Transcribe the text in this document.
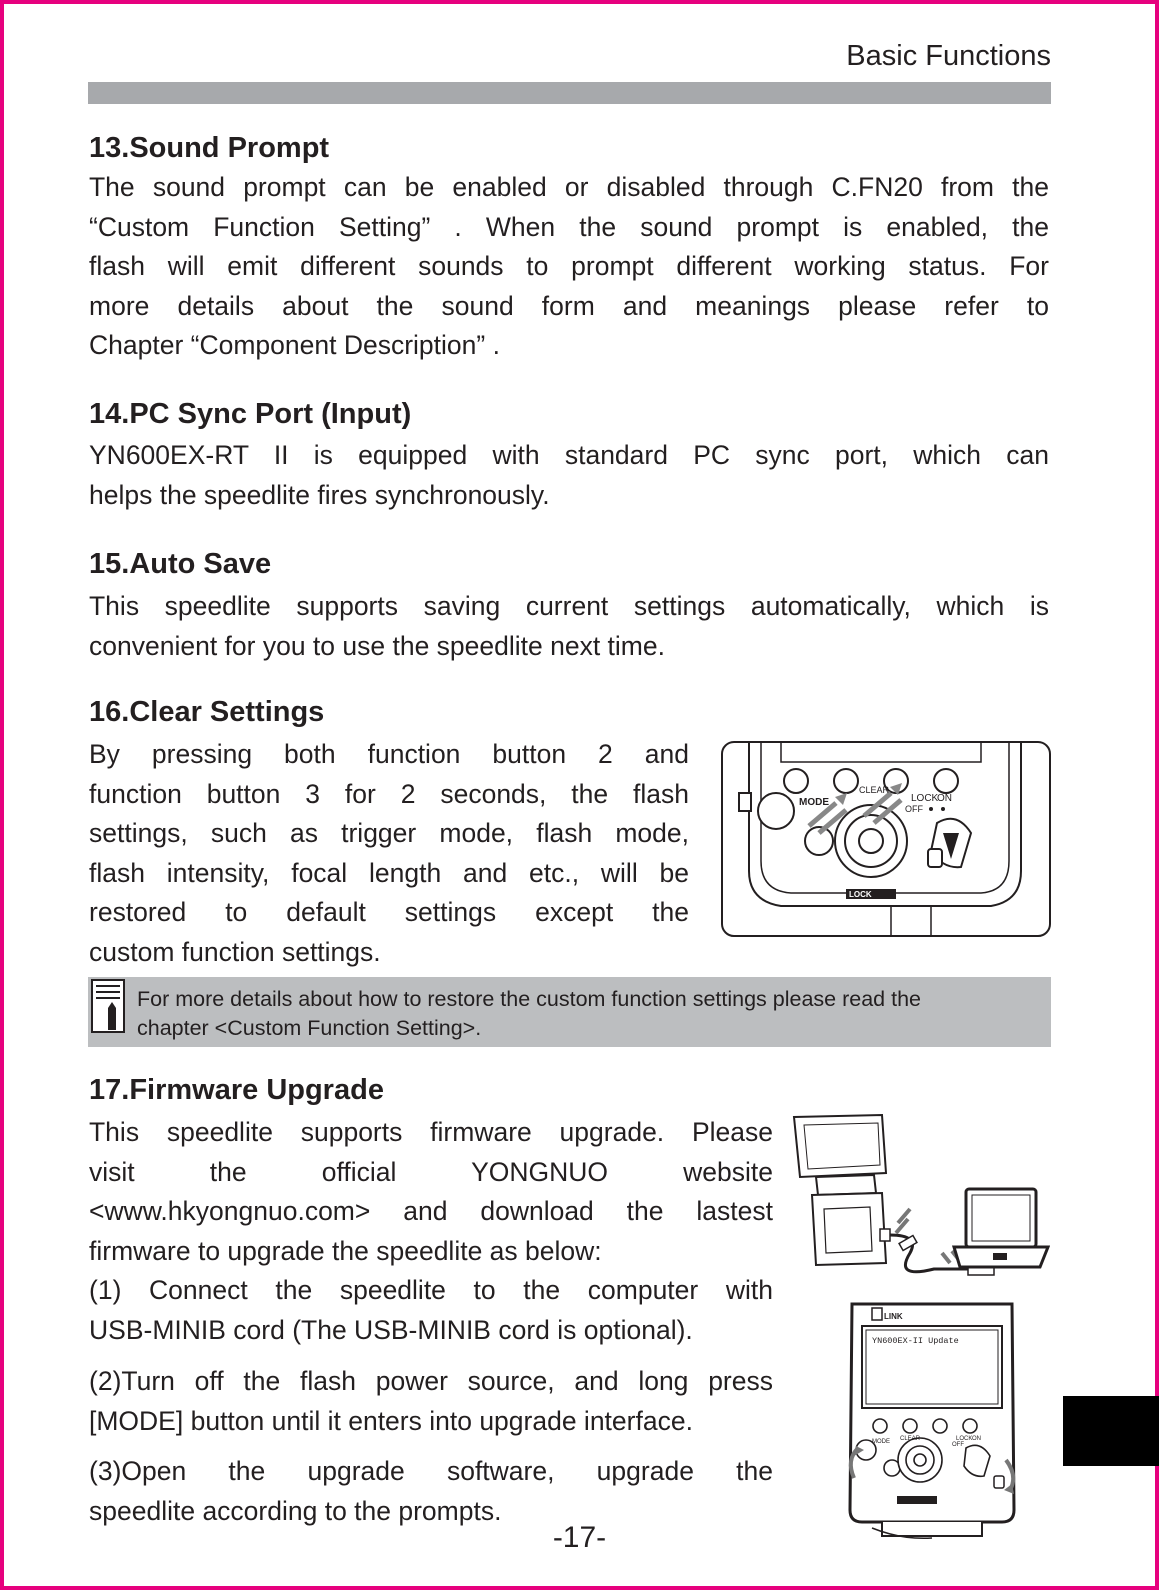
Basic Functions
13.Sound Prompt
The sound prompt can be enabled or disabled through C.FN20 from the
“Custom Function Setting” . When the sound prompt is enabled, the
flash will emit different sounds to prompt different working status. For
more details about the sound form and meanings please refer to
Chapter “Component Description” .
14.PC Sync Port (Input)
YN600EX-RT II is equipped with standard PC sync port, which can
helps the speedlite fires synchronously.
15.Auto Save
This speedlite supports saving current settings automatically, which is
convenient for you to use the speedlite next time.
16.Clear Settings
By pressing both function button 2 and
function button 3 for 2 seconds, the flash
settings, such as trigger mode, flash mode,
flash intensity, focal length and etc., will be
restored to default settings except the
custom function settings.
MODE
CLEAR
LOCK
ON
OFF
LOCK
For more details about how to restore the custom function settings please read the
chapter <Custom Function Setting>.
17.Firmware Upgrade
This speedlite supports firmware upgrade. Please
visit the official YONGNUO website
<www.hkyongnuo.com> and download the lastest
firmware to upgrade the speedlite as below:
(1) Connect the speedlite to the computer with
USB-MINIB cord (The USB-MINIB cord is optional).
(2)Turn off the flash power source, and long press
[MODE] button until it enters into upgrade interface.
(3)Open the upgrade software, upgrade the
speedlite according to the prompts.
LINK
YN600EX-II Update
MODE CLEAR	LOCK ON
OFF
-17-
